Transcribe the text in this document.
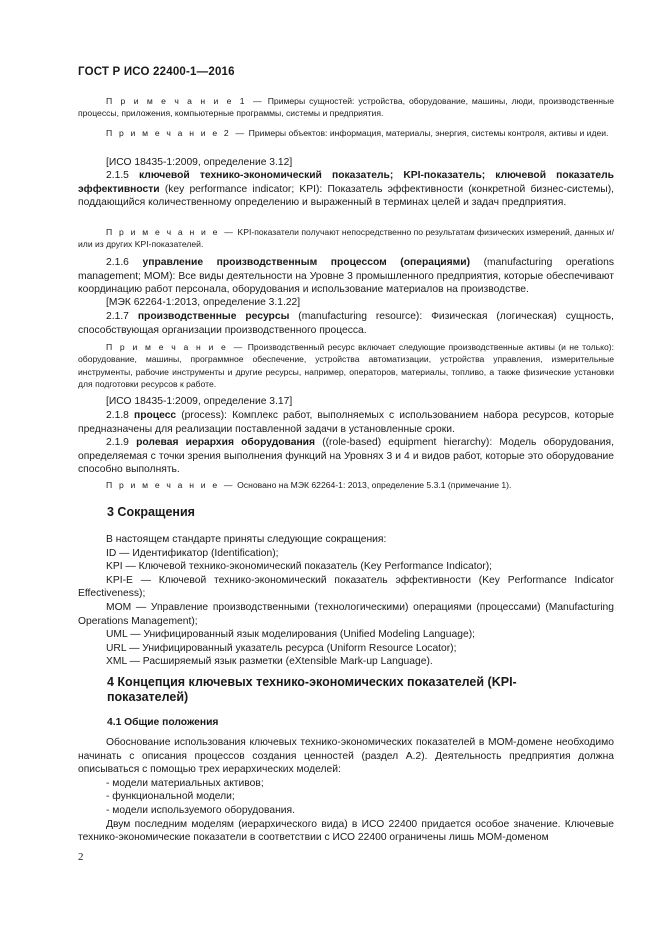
ГОСТ Р ИСО 22400-1—2016
П р и м е ч а н и е 1 — Примеры сущностей: устройства, оборудование, машины, люди, производственные процессы, приложения, компьютерные программы, системы и предприятия.
П р и м е ч а н и е 2 — Примеры объектов: информация, материалы, энергия, системы контроля, активы и идеи.
[ИСО 18435-1:2009, определение 3.12]
2.1.5 ключевой технико-экономический показатель; KPI-показатель; ключевой показатель эффективности (key performance indicator; KPI): Показатель эффективности (конкретной бизнес-системы), поддающийся количественному определению и выраженный в терминах целей и задач предприятия.
П р и м е ч а н и е — KPI-показатели получают непосредственно по результатам физических измерений, данных и/или из других KPI-показателей.
2.1.6 управление производственным процессом (операциями) (manufacturing operations management; MOM): Все виды деятельности на Уровне 3 промышленного предприятия, которые обеспечивают координацию работ персонала, оборудования и использование материалов на производстве.
[МЭК 62264-1:2013, определение 3.1.22]
2.1.7 производственные ресурсы (manufacturing resource): Физическая (логическая) сущность, способствующая организации производственного процесса.
П р и м е ч а н и е — Производственный ресурс включает следующие производственные активы (и не только): оборудование, машины, программное обеспечение, устройства автоматизации, устройства управления, измерительные инструменты, рабочие инструменты и другие ресурсы, например, операторов, материалы, топливо, а также физические установки для подготовки ресурсов к работе.
[ИСО 18435-1:2009, определение 3.17]
2.1.8 процесс (process): Комплекс работ, выполняемых с использованием набора ресурсов, которые предназначены для реализации поставленной задачи в установленные сроки.
2.1.9 ролевая иерархия оборудования ((role-based) equipment hierarchy): Модель оборудования, определяемая с точки зрения выполнения функций на Уровнях 3 и 4 и видов работ, которые это оборудование способно выполнять.
П р и м е ч а н и е — Основано на МЭК 62264-1: 2013, определение 5.3.1 (примечание 1).
3 Сокращения
В настоящем стандарте приняты следующие сокращения:
ID — Идентификатор (Identification);
KPI — Ключевой технико-экономический показатель (Key Performance Indicator);
KPI-E — Ключевой технико-экономический показатель эффективности (Key Performance Indicator Effectiveness);
MOM — Управление производственными (технологическими) операциями (процессами) (Manufacturing Operations Management);
UML — Унифицированный язык моделирования (Unified Modeling Language);
URL — Унифицированный указатель ресурса (Uniform Resource Locator);
XML — Расширяемый язык разметки (eXtensible Mark-up Language).
4 Концепция ключевых технико-экономических показателей (KPI-показателей)
4.1 Общие положения
Обоснование использования ключевых технико-экономических показателей в MOM-домене необходимо начинать с описания процессов создания ценностей (раздел А.2). Деятельность предприятия должна описываться с помощью трех иерархических моделей:
- модели материальных активов;
- функциональной модели;
- модели используемого оборудования.
Двум последним моделям (иерархического вида) в ИСО 22400 придается особое значение. Ключевые технико-экономические показатели в соответствии с ИСО 22400 ограничены лишь MOM-доменом
2
